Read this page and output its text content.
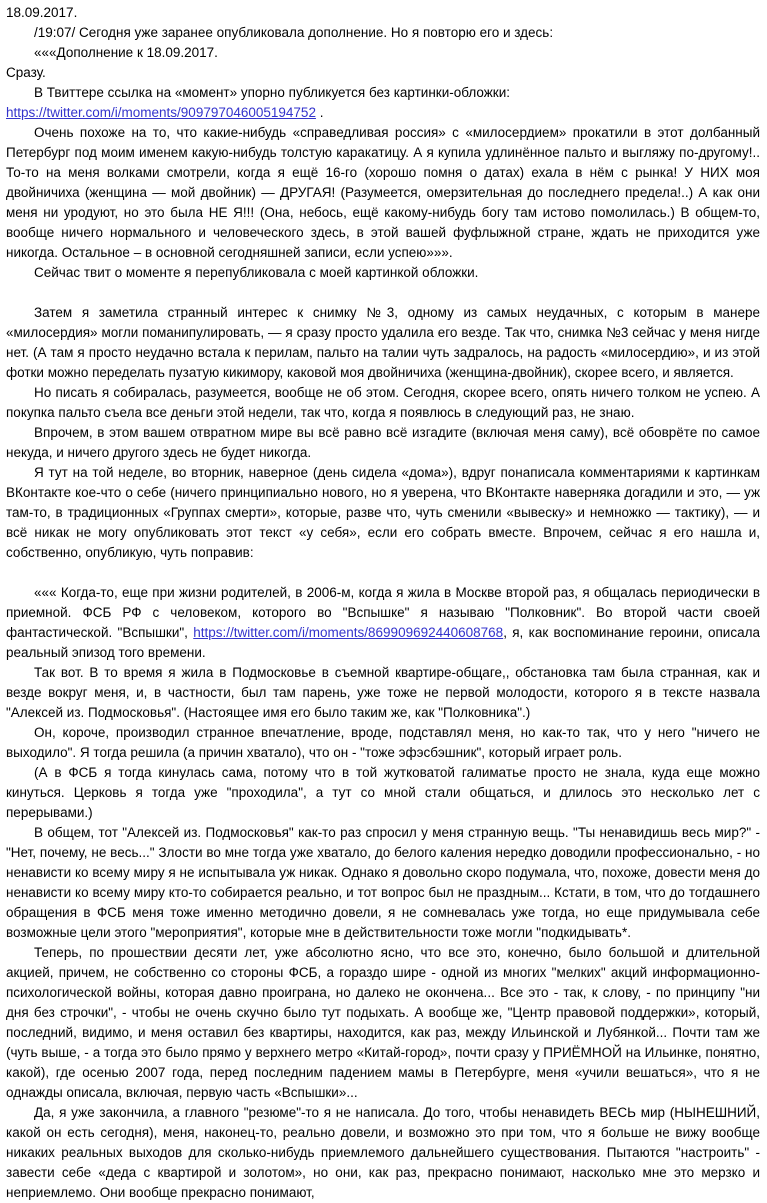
18.09.2017.

/19:07/ Сегодня уже заранее опубликовала дополнение. Но я повторю его и здесь:

«««Дополнение к 18.09.2017.

Сразу.

В Твиттере ссылка на «момент» упорно публикуется без картинки-обложки:

https://twitter.com/i/moments/909797046005194752 .

Очень похоже на то, что какие-нибудь «справедливая россия» с «милосердием» прокатили в этот долбанный Петербург под моим именем какую-нибудь толстую каракатицу. А я купила удлинённое пальто и выгляжу по-другому!.. То-то на меня волками смотрели, когда я ещё 16-го (хорошо помня о датах) ехала в нём с рынка! У НИХ моя двойничиха (женщина — мой двойник) — ДРУГАЯ! (Разумеется, омерзительная до последнего предела!..) А как они меня ни уродуют, но это была НЕ Я!!! (Она, небось, ещё какому-нибудь богу там истово помолилась.) В общем-то, вообще ничего нормального и человеческого здесь, в этой вашей фуфлыжной стране, ждать не приходится уже никогда. Остальное – в основной сегодняшней записи, если успею»»».

Сейчас твит о моменте я перепубликовала с моей картинкой обложки.

Затем я заметила странный интерес к снимку №3, одному из самых неудачных, с которым в манере «милосердия» могли поманипулировать, — я сразу просто удалила его везде. Так что, снимка №3 сейчас у меня нигде нет. (А там я просто неудачно встала к перилам, пальто на талии чуть задралось, на радость «милосердию», и из этой фотки можно переделать пузатую кикимору, каковой моя двойничиха (женщина-двойник), скорее всего, и является.

Но писать я собиралась, разумеется, вообще не об этом. Сегодня, скорее всего, опять ничего толком не успею. А покупка пальто съела все деньги этой недели, так что, когда я появлюсь в следующий раз, не знаю.

Впрочем, в этом вашем отвратном мире вы всё равно всё изгадите (включая меня саму), всё обоврёте по самое некуда, и ничего другого здесь не будет никогда.

Я тут на той неделе, во вторник, наверное (день сидела «дома»), вдруг понаписала комментариями к картинкам ВКонтакте кое-что о себе (ничего принципиально нового, но я уверена, что ВКонтакте наверняка догадили и это, — уж там-то, в традиционных «Группах смерти», которые, разве что, чуть сменили «вывеску» и немножко — тактику), — и всё никак не могу опубликовать этот текст «у себя», если его собрать вместе. Впрочем, сейчас я его нашла и, собственно, опубликую, чуть поправив:

««« Когда-то, еще при жизни родителей, в 2006-м, когда я жила в Москве второй раз, я общалась периодически в приемной. ФСБ РФ с человеком, которого во "Вспышке" я называю "Полковник". Во второй части своей фантастической. "Вспышки", https://twitter.com/i/moments/869909692440608768, я, как воспоминание героини, описала реальный эпизод того времени.

Так вот. В то время я жила в Подмосковье в съемной квартире-общаге,, обстановка там была странная, как и везде вокруг меня, и, в частности, был там парень, уже тоже не первой молодости, которого я в тексте назвала "Алексей из. Подмосковья". (Настоящее имя его было таким же, как "Полковника".)

Он, короче, производил странное впечатление, вроде, подставлял меня, но как-то так, что у него "ничего не выходило". Я тогда решила (а причин хватало), что он - "тоже эфэсбэшник", который играет роль.

(А в ФСБ я тогда кинулась сама, потому что в той жутковатой галиматье просто не знала, куда еще можно кинуться. Церковь я тогда уже "проходила", а тут со мной стали общаться, и длилось это несколько лет с перерывами.)

В общем, тот "Алексей из. Подмосковья" как-то раз спросил у меня странную вещь. "Ты ненавидишь весь мир?" - "Нет, почему, не весь..." Злости во мне тогда уже хватало, до белого каления нередко доводили профессионально, - но ненависти ко всему миру я не испытывала уж никак. Однако я довольно скоро подумала, что, похоже, довести меня до ненависти ко всему миру кто-то собирается реально, и тот вопрос был не праздным... Кстати, в том, что до тогдашнего обращения в ФСБ меня тоже именно методично довели, я не сомневалась уже тогда, но еще придумывала себе возможные цели этого "мероприятия", которые мне в действительности тоже могли "подкидывать*.

Теперь, по прошествии десяти лет, уже абсолютно ясно, что все это, конечно, было большой и длительной акцией, причем, не собственно со стороны ФСБ, а гораздо шире - одной из многих "мелких" акций информационно-психологической войны, которая давно проиграна, но далеко не окончена... Все это - так, к слову, - по принципу "ни дня без строчки", - чтобы не очень скучно было тут подыхать. А вообще же, "Центр правовой поддержки», который, последний, видимо, и меня оставил без квартиры, находится, как раз, между Ильинской и Лубянкой... Почти там же (чуть выше, - а тогда это было прямо у верхнего метро «Китай-город», почти сразу у ПРИЁМНОЙ на Ильинке, понятно, какой), где осенью 2007 года, перед последним падением мамы в Петербурге, меня «учили вешаться», что я не однажды описала, включая, первую часть «Вспышки»...

Да, я уже закончила, а главного "резюме"-то я не написала. До того, чтобы ненавидеть ВЕСЬ мир (НЫНЕШНИЙ, какой он есть сегодня), меня, наконец-то, реально довели, и возможно это при том, что я больше не вижу вообще никаких реальных выходов для сколько-нибудь приемлемого дальнейшего существования. Пытаются "настроить" - завести себе «деда с квартирой и золотом», но они, как раз, прекрасно понимают, насколько мне это мерзко и неприемлемо. Они вообще прекрасно понимают,
